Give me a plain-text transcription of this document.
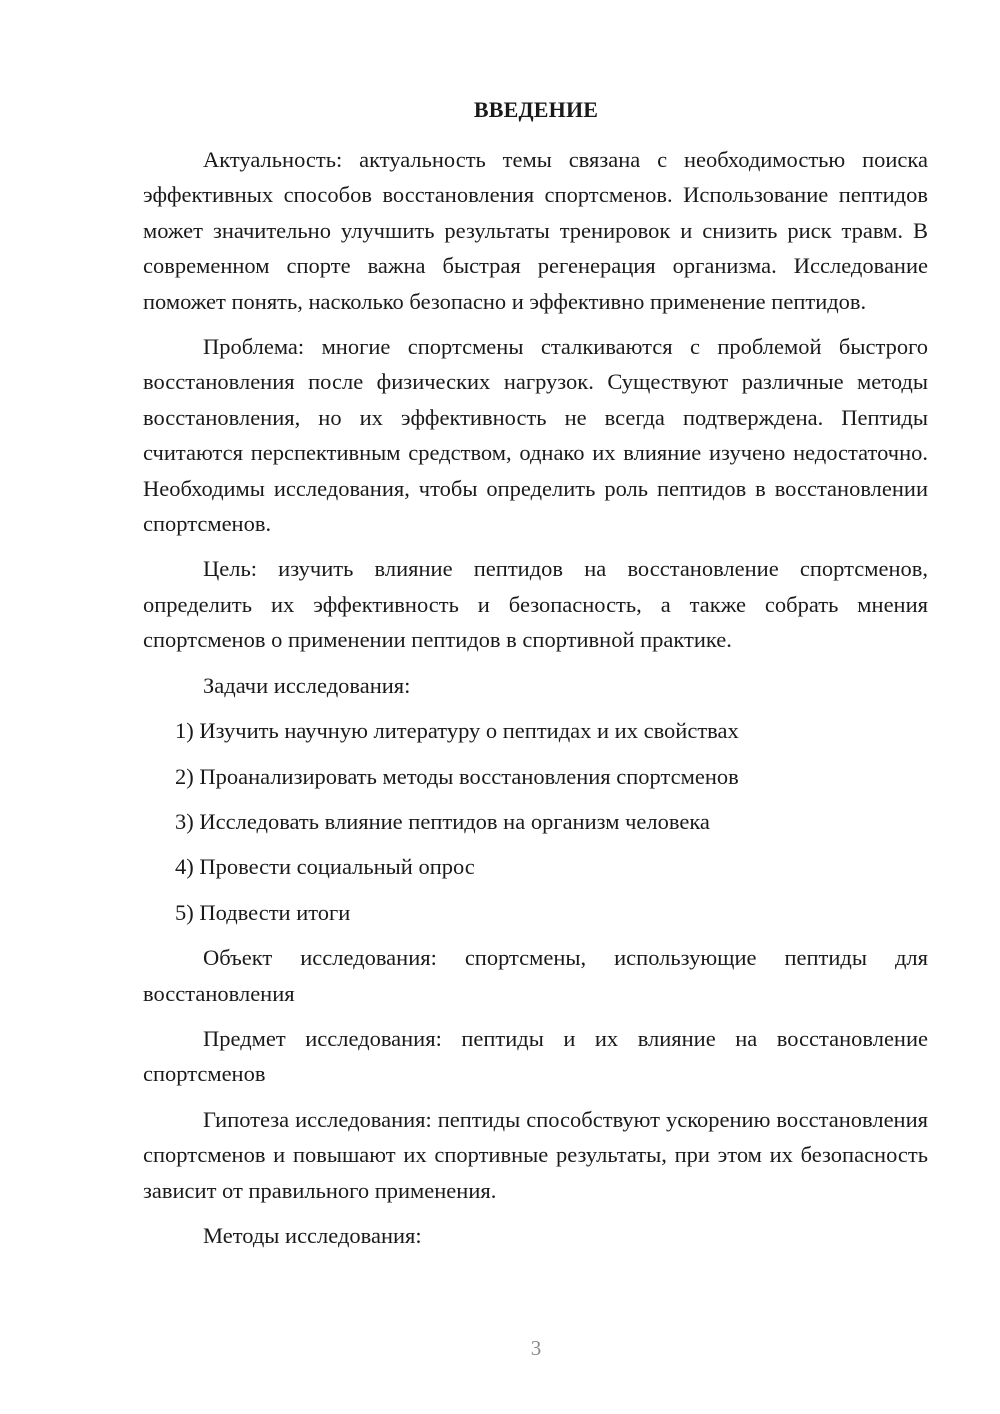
ВВЕДЕНИЕ

Актуальность: актуальность темы связана с необходимостью поиска эффективных способов восстановления спортсменов. Использование пептидов может значительно улучшить результаты тренировок и снизить риск травм. В современном спорте важна быстрая регенерация организма. Исследование поможет понять, насколько безопасно и эффективно применение пептидов.

Проблема: многие спортсмены сталкиваются с проблемой быстрого восстановления после физических нагрузок. Существуют различные методы восстановления, но их эффективность не всегда подтверждена. Пептиды считаются перспективным средством, однако их влияние изучено недостаточно. Необходимы исследования, чтобы определить роль пептидов в восстановлении спортсменов.

Цель: изучить влияние пептидов на восстановление спортсменов, определить их эффективность и безопасность, а также собрать мнения спортсменов о применении пептидов в спортивной практике.

Задачи исследования:

1) Изучить научную литературу о пептидах и их свойствах

2) Проанализировать методы восстановления спортсменов

3) Исследовать влияние пептидов на организм человека

4) Провести социальный опрос

5) Подвести итоги

Объект исследования: спортсмены, использующие пептиды для восстановления

Предмет исследования: пептиды и их влияние на восстановление спортсменов

Гипотеза исследования: пептиды способствуют ускорению восстановления спортсменов и повышают их спортивные результаты, при этом их безопасность зависит от правильного применения.

Методы исследования:

3
